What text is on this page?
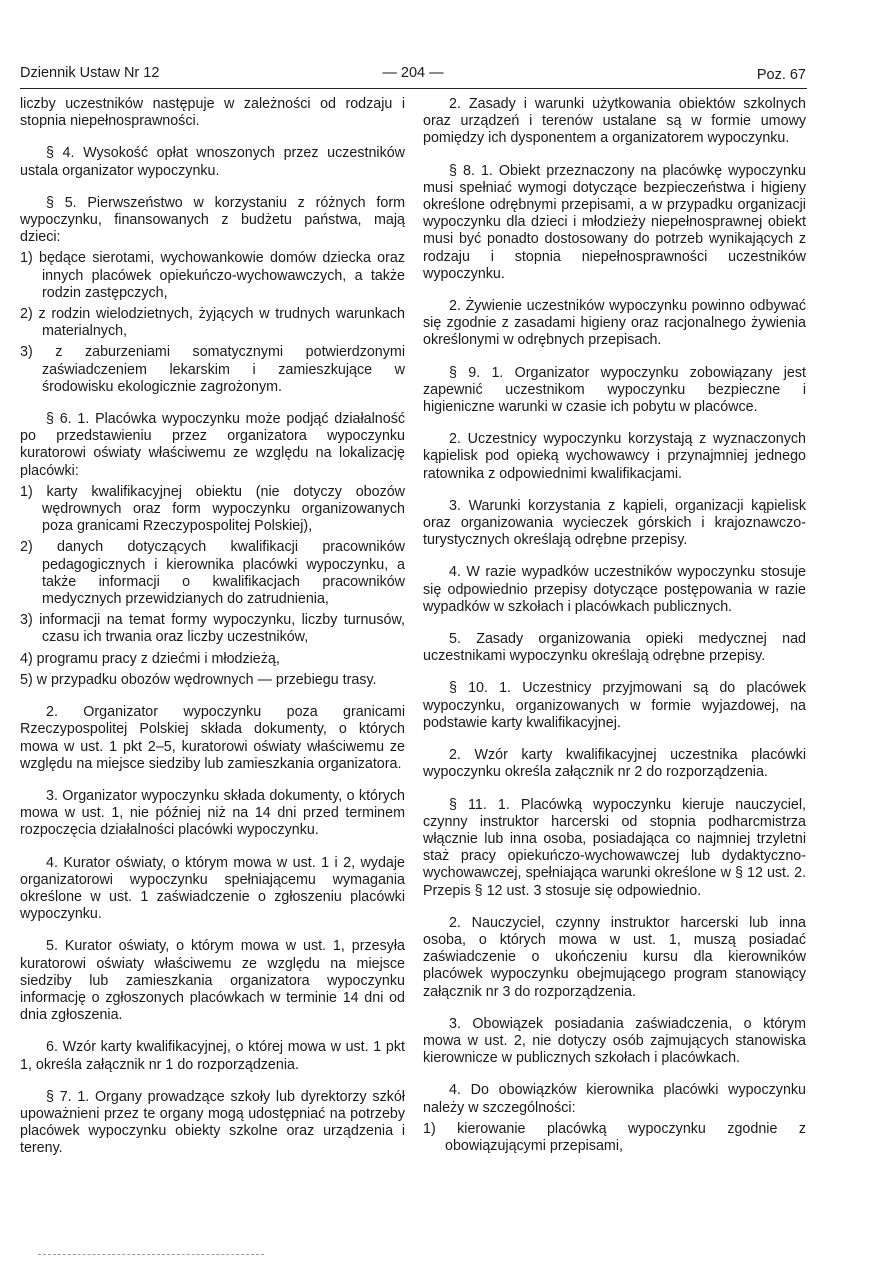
Dziennik Ustaw Nr 12	— 204 —	Poz. 67

liczby uczestników następuje w zależności od rodzaju i stopnia niepełnosprawności.

§ 4. Wysokość opłat wnoszonych przez uczestników ustala organizator wypoczynku.

§ 5. Pierwszeństwo w korzystaniu z różnych form wypoczynku, finansowanych z budżetu państwa, mają dzieci:

1) będące sierotami, wychowankowie domów dziecka oraz innych placówek opiekuńczo-wychowawczych, a także rodzin zastępczych,

2) z rodzin wielodzietnych, żyjących w trudnych warunkach materialnych,

3) z zaburzeniami somatycznymi potwierdzonymi zaświadczeniem lekarskim i zamieszkujące w środowisku ekologicznie zagrożonym.

§ 6. 1. Placówka wypoczynku może podjąć działalność po przedstawieniu przez organizatora wypoczynku kuratorowi oświaty właściwemu ze względu na lokalizację placówki:

1) karty kwalifikacyjnej obiektu (nie dotyczy obozów wędrownych oraz form wypoczynku organizowanych poza granicami Rzeczypospolitej Polskiej),

2) danych dotyczących kwalifikacji pracowników pedagogicznych i kierownika placówki wypoczynku, a także informacji o kwalifikacjach pracowników medycznych przewidzianych do zatrudnienia,

3) informacji na temat formy wypoczynku, liczby turnusów, czasu ich trwania oraz liczby uczestników,

4) programu pracy z dziećmi i młodzieżą,

5) w przypadku obozów wędrownych — przebiegu trasy.

2. Organizator wypoczynku poza granicami Rzeczypospolitej Polskiej składa dokumenty, o których mowa w ust. 1 pkt 2–5, kuratorowi oświaty właściwemu ze względu na miejsce siedziby lub zamieszkania organizatora.

3. Organizator wypoczynku składa dokumenty, o których mowa w ust. 1, nie później niż na 14 dni przed terminem rozpoczęcia działalności placówki wypoczynku.

4. Kurator oświaty, o którym mowa w ust. 1 i 2, wydaje organizatorowi wypoczynku spełniającemu wymagania określone w ust. 1 zaświadczenie o zgłoszeniu placówki wypoczynku.

5. Kurator oświaty, o którym mowa w ust. 1, przesyła kuratorowi oświaty właściwemu ze względu na miejsce siedziby lub zamieszkania organizatora wypoczynku informację o zgłoszonych placówkach w terminie 14 dni od dnia zgłoszenia.

6. Wzór karty kwalifikacyjnej, o której mowa w ust. 1 pkt 1, określa załącznik nr 1 do rozporządzenia.

§ 7. 1. Organy prowadzące szkoły lub dyrektorzy szkół upoważnieni przez te organy mogą udostępniać na potrzeby placówek wypoczynku obiekty szkolne oraz urządzenia i tereny.

2. Zasady i warunki użytkowania obiektów szkolnych oraz urządzeń i terenów ustalane są w formie umowy pomiędzy ich dysponentem a organizatorem wypoczynku.

§ 8. 1. Obiekt przeznaczony na placówkę wypoczynku musi spełniać wymogi dotyczące bezpieczeństwa i higieny określone odrębnymi przepisami, a w przypadku organizacji wypoczynku dla dzieci i młodzieży niepełnosprawnej obiekt musi być ponadto dostosowany do potrzeb wynikających z rodzaju i stopnia niepełnosprawności uczestników wypoczynku.

2. Żywienie uczestników wypoczynku powinno odbywać się zgodnie z zasadami higieny oraz racjonalnego żywienia określonymi w odrębnych przepisach.

§ 9. 1. Organizator wypoczynku zobowiązany jest zapewnić uczestnikom wypoczynku bezpieczne i higieniczne warunki w czasie ich pobytu w placówce.

2. Uczestnicy wypoczynku korzystają z wyznaczonych kąpielisk pod opieką wychowawcy i przynajmniej jednego ratownika z odpowiednimi kwalifikacjami.

3. Warunki korzystania z kąpieli, organizacji kąpielisk oraz organizowania wycieczek górskich i krajoznawczo-turystycznych określają odrębne przepisy.

4. W razie wypadków uczestników wypoczynku stosuje się odpowiednio przepisy dotyczące postępowania w razie wypadków w szkołach i placówkach publicznych.

5. Zasady organizowania opieki medycznej nad uczestnikami wypoczynku określają odrębne przepisy.

§ 10. 1. Uczestnicy przyjmowani są do placówek wypoczynku, organizowanych w formie wyjazdowej, na podstawie karty kwalifikacyjnej.

2. Wzór karty kwalifikacyjnej uczestnika placówki wypoczynku określa załącznik nr 2 do rozporządzenia.

§ 11. 1. Placówką wypoczynku kieruje nauczyciel, czynny instruktor harcerski od stopnia podharcmistrza włącznie lub inna osoba, posiadająca co najmniej trzyletni staż pracy opiekuńczo-wychowawczej lub dydaktyczno-wychowawczej, spełniająca warunki określone w § 12 ust. 2. Przepis § 12 ust. 3 stosuje się odpowiednio.

2. Nauczyciel, czynny instruktor harcerski lub inna osoba, o których mowa w ust. 1, muszą posiadać zaświadczenie o ukończeniu kursu dla kierowników placówek wypoczynku obejmującego program stanowiący załącznik nr 3 do rozporządzenia.

3. Obowiązek posiadania zaświadczenia, o którym mowa w ust. 2, nie dotyczy osób zajmujących stanowiska kierownicze w publicznych szkołach i placówkach.

4. Do obowiązków kierownika placówki wypoczynku należy w szczególności:

1) kierowanie placówką wypoczynku zgodnie z obowiązującymi przepisami,
